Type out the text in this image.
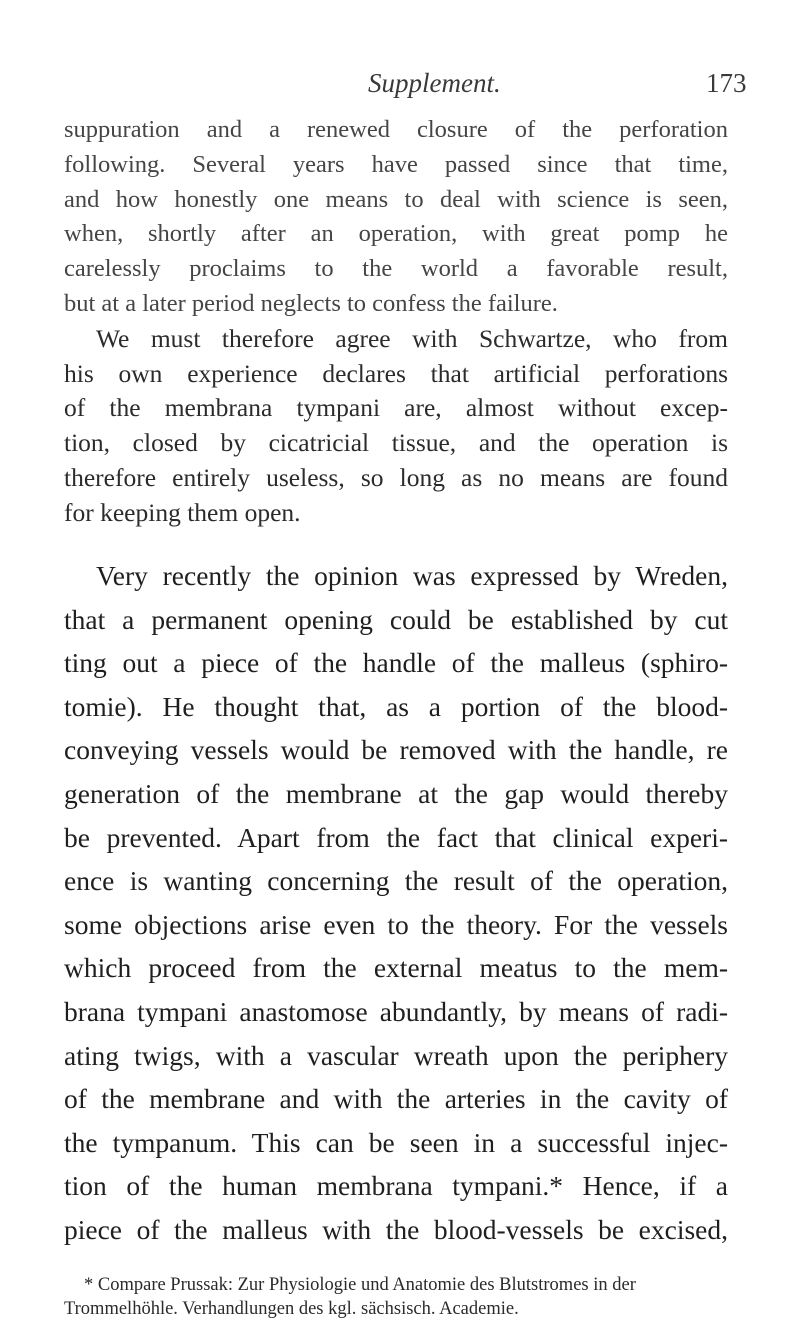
Supplement.	173
suppuration and a renewed closure of the perforation
following. Several years have passed since that time,
and how honestly one means to deal with science is seen,
when, shortly after an operation, with great pomp he
carelessly proclaims to the world a favorable result,
but at a later period neglects to confess the failure.
We must therefore agree with Schwartze, who from
his own experience declares that artificial perforations
of the membrana tympani are, almost without excep-
tion, closed by cicatricial tissue, and the operation is
therefore entirely useless, so long as no means are found
for keeping them open.
Very recently the opinion was expressed by Wreden,
that a permanent opening could be established by cut
ting out a piece of the handle of the malleus (sphiro-
tomie). He thought that, as a portion of the blood-
conveying vessels would be removed with the handle, re
generation of the membrane at the gap would thereby
be prevented. Apart from the fact that clinical experi-
ence is wanting concerning the result of the operation,
some objections arise even to the theory. For the vessels
which proceed from the external meatus to the mem-
brana tympani anastomose abundantly, by means of radi-
ating twigs, with a vascular wreath upon the periphery
of the membrane and with the arteries in the cavity of
the tympanum. This can be seen in a successful injec-
tion of the human membrana tympani.* Hence, if a
piece of the malleus with the blood-vessels be excised,
* Compare Prussak: Zur Physiologie und Anatomie des Blutstromes in der
Trommelhöhle. Verhandlungen des kgl. sächsisch. Academie.
